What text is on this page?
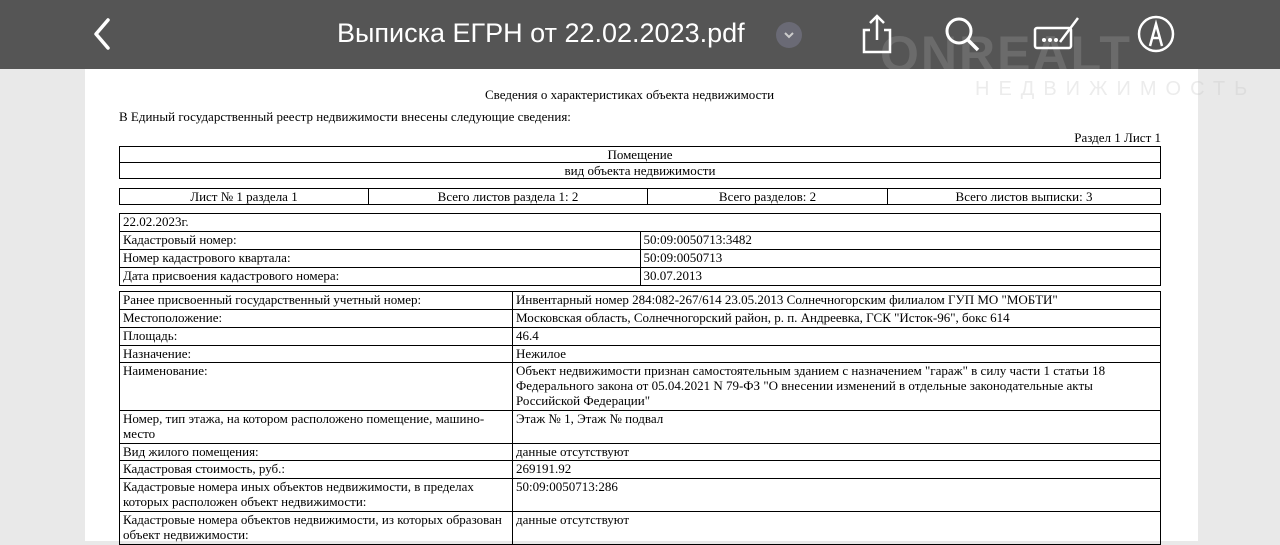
Выписка ЕГРН от 22.02.2023.pdf
Сведения о характеристиках объекта недвижимости
В Единый государственный реестр недвижимости внесены следующие сведения:
Раздел 1 Лист 1
Помещение
вид объекта недвижимости
Лист № 1 раздела 1	Всего листов раздела 1: 2	Всего разделов: 2	Всего листов выписки: 3
22.02.2023г.	
Кадастровый номер:	50:09:0050713:3482
Номер кадастрового квартала:	50:09:0050713
Дата присвоения кадастрового номера:	30.07.2013
Ранее присвоенный государственный учетный номер:	Инвентарный номер 284:082-267/614 23.05.2013 Солнечногорским филиалом ГУП МО "МОБТИ"
Местоположение:	Московская область, Солнечногорский район, р. п. Андреевка, ГСК "Исток-96", бокс 614
Площадь:	46.4
Назначение:	Нежилое
Наименование:	Объект недвижимости признан самостоятельным зданием с назначением "гараж" в силу части 1 статьи 18 Федерального закона от 05.04.2021 N 79-ФЗ "О внесении изменений в отдельные законодательные акты Российской Федерации"
Номер, тип этажа, на котором расположено помещение, машино-место	Этаж № 1, Этаж № подвал
Вид жилого помещения:	данные отсутствуют
Кадастровая стоимость, руб.:	269191.92
Кадастровые номера иных объектов недвижимости, в пределах которых расположен объект недвижимости:	50:09:0050713:286
Кадастровые номера объектов недвижимости, из которых образован объект недвижимости:	данные отсутствуют
НЕДВИЖИМОСТЬ
